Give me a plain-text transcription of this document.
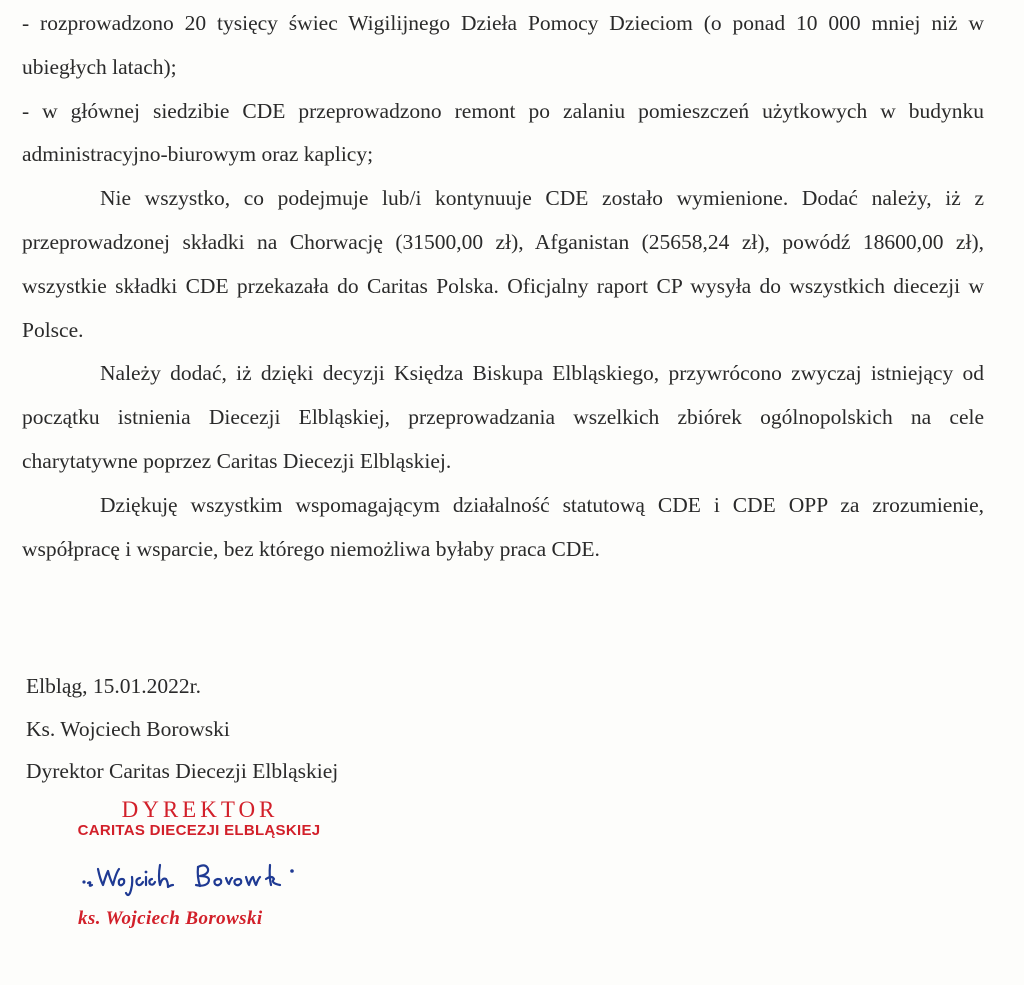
- rozprowadzono 20 tysięcy świec Wigilijnego Dzieła Pomocy Dzieciom (o ponad 10 000 mniej niż w ubiegłych latach);

- w głównej siedzibie CDE przeprowadzono remont po zalaniu pomieszczeń użytkowych w budynku administracyjno-biurowym oraz kaplicy;

Nie wszystko, co podejmuje lub/i kontynuuje CDE zostało wymienione. Dodać należy, iż z przeprowadzonej składki na Chorwację (31500,00 zł), Afganistan (25658,24 zł), powódź 18600,00 zł), wszystkie składki CDE przekazała do Caritas Polska. Oficjalny raport CP wysyła do wszystkich diecezji w Polsce.

Należy dodać, iż dzięki decyzji Księdza Biskupa Elbląskiego, przywrócono zwyczaj istniejący od początku istnienia Diecezji Elbląskiej, przeprowadzania wszelkich zbiórek ogólnopolskich na cele charytatywne poprzez Caritas Diecezji Elbląskiej.

Dziękuję wszystkim wspomagającym działalność statutową CDE i CDE OPP za zrozumienie, współpracę i wsparcie, bez którego niemożliwa byłaby praca CDE.

Elbląg, 15.01.2022r.
Ks. Wojciech Borowski
Dyrektor Caritas Diecezji Elbląskiej
DYREKTOR
CARITAS DIECEZJI ELBLĄSKIEJ
ks. Wojciech Borowski
